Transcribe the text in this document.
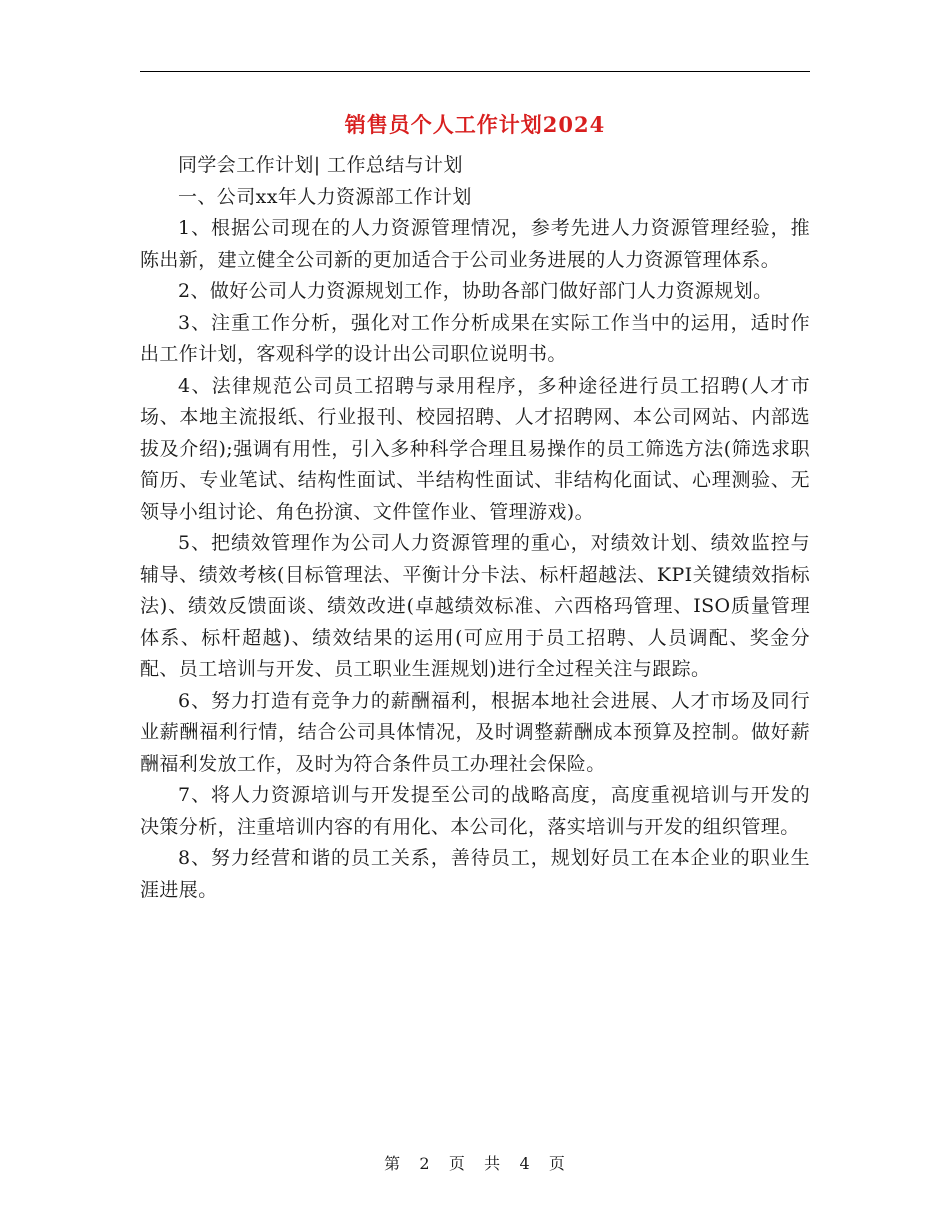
销售员个人工作计划2024

同学会工作计划| 工作总结与计划

一、公司xx年人力资源部工作计划

1、根据公司现在的人力资源管理情况，参考先进人力资源管理经验，推陈出新，建立健全公司新的更加适合于公司业务进展的人力资源管理体系。

2、做好公司人力资源规划工作，协助各部门做好部门人力资源规划。

3、注重工作分析，强化对工作分析成果在实际工作当中的运用，适时作出工作计划，客观科学的设计出公司职位说明书。

4、法律规范公司员工招聘与录用程序，多种途径进行员工招聘(人才市场、本地主流报纸、行业报刊、校园招聘、人才招聘网、本公司网站、内部选拔及介绍);强调有用性，引入多种科学合理且易操作的员工筛选方法(筛选求职简历、专业笔试、结构性面试、半结构性面试、非结构化面试、心理测验、无领导小组讨论、角色扮演、文件筐作业、管理游戏)。

5、把绩效管理作为公司人力资源管理的重心，对绩效计划、绩效监控与辅导、绩效考核(目标管理法、平衡计分卡法、标杆超越法、KPI关键绩效指标法)、绩效反馈面谈、绩效改进(卓越绩效标准、六西格玛管理、ISO质量管理体系、标杆超越)、绩效结果的运用(可应用于员工招聘、人员调配、奖金分配、员工培训与开发、员工职业生涯规划)进行全过程关注与跟踪。

6、努力打造有竞争力的薪酬福利，根据本地社会进展、人才市场及同行业薪酬福利行情，结合公司具体情况，及时调整薪酬成本预算及控制。做好薪酬福利发放工作，及时为符合条件员工办理社会保险。

7、将人力资源培训与开发提至公司的战略高度，高度重视培训与开发的决策分析，注重培训内容的有用化、本公司化，落实培训与开发的组织管理。

8、努力经营和谐的员工关系，善待员工，规划好员工在本企业的职业生涯进展。

第 2 页 共 4 页
